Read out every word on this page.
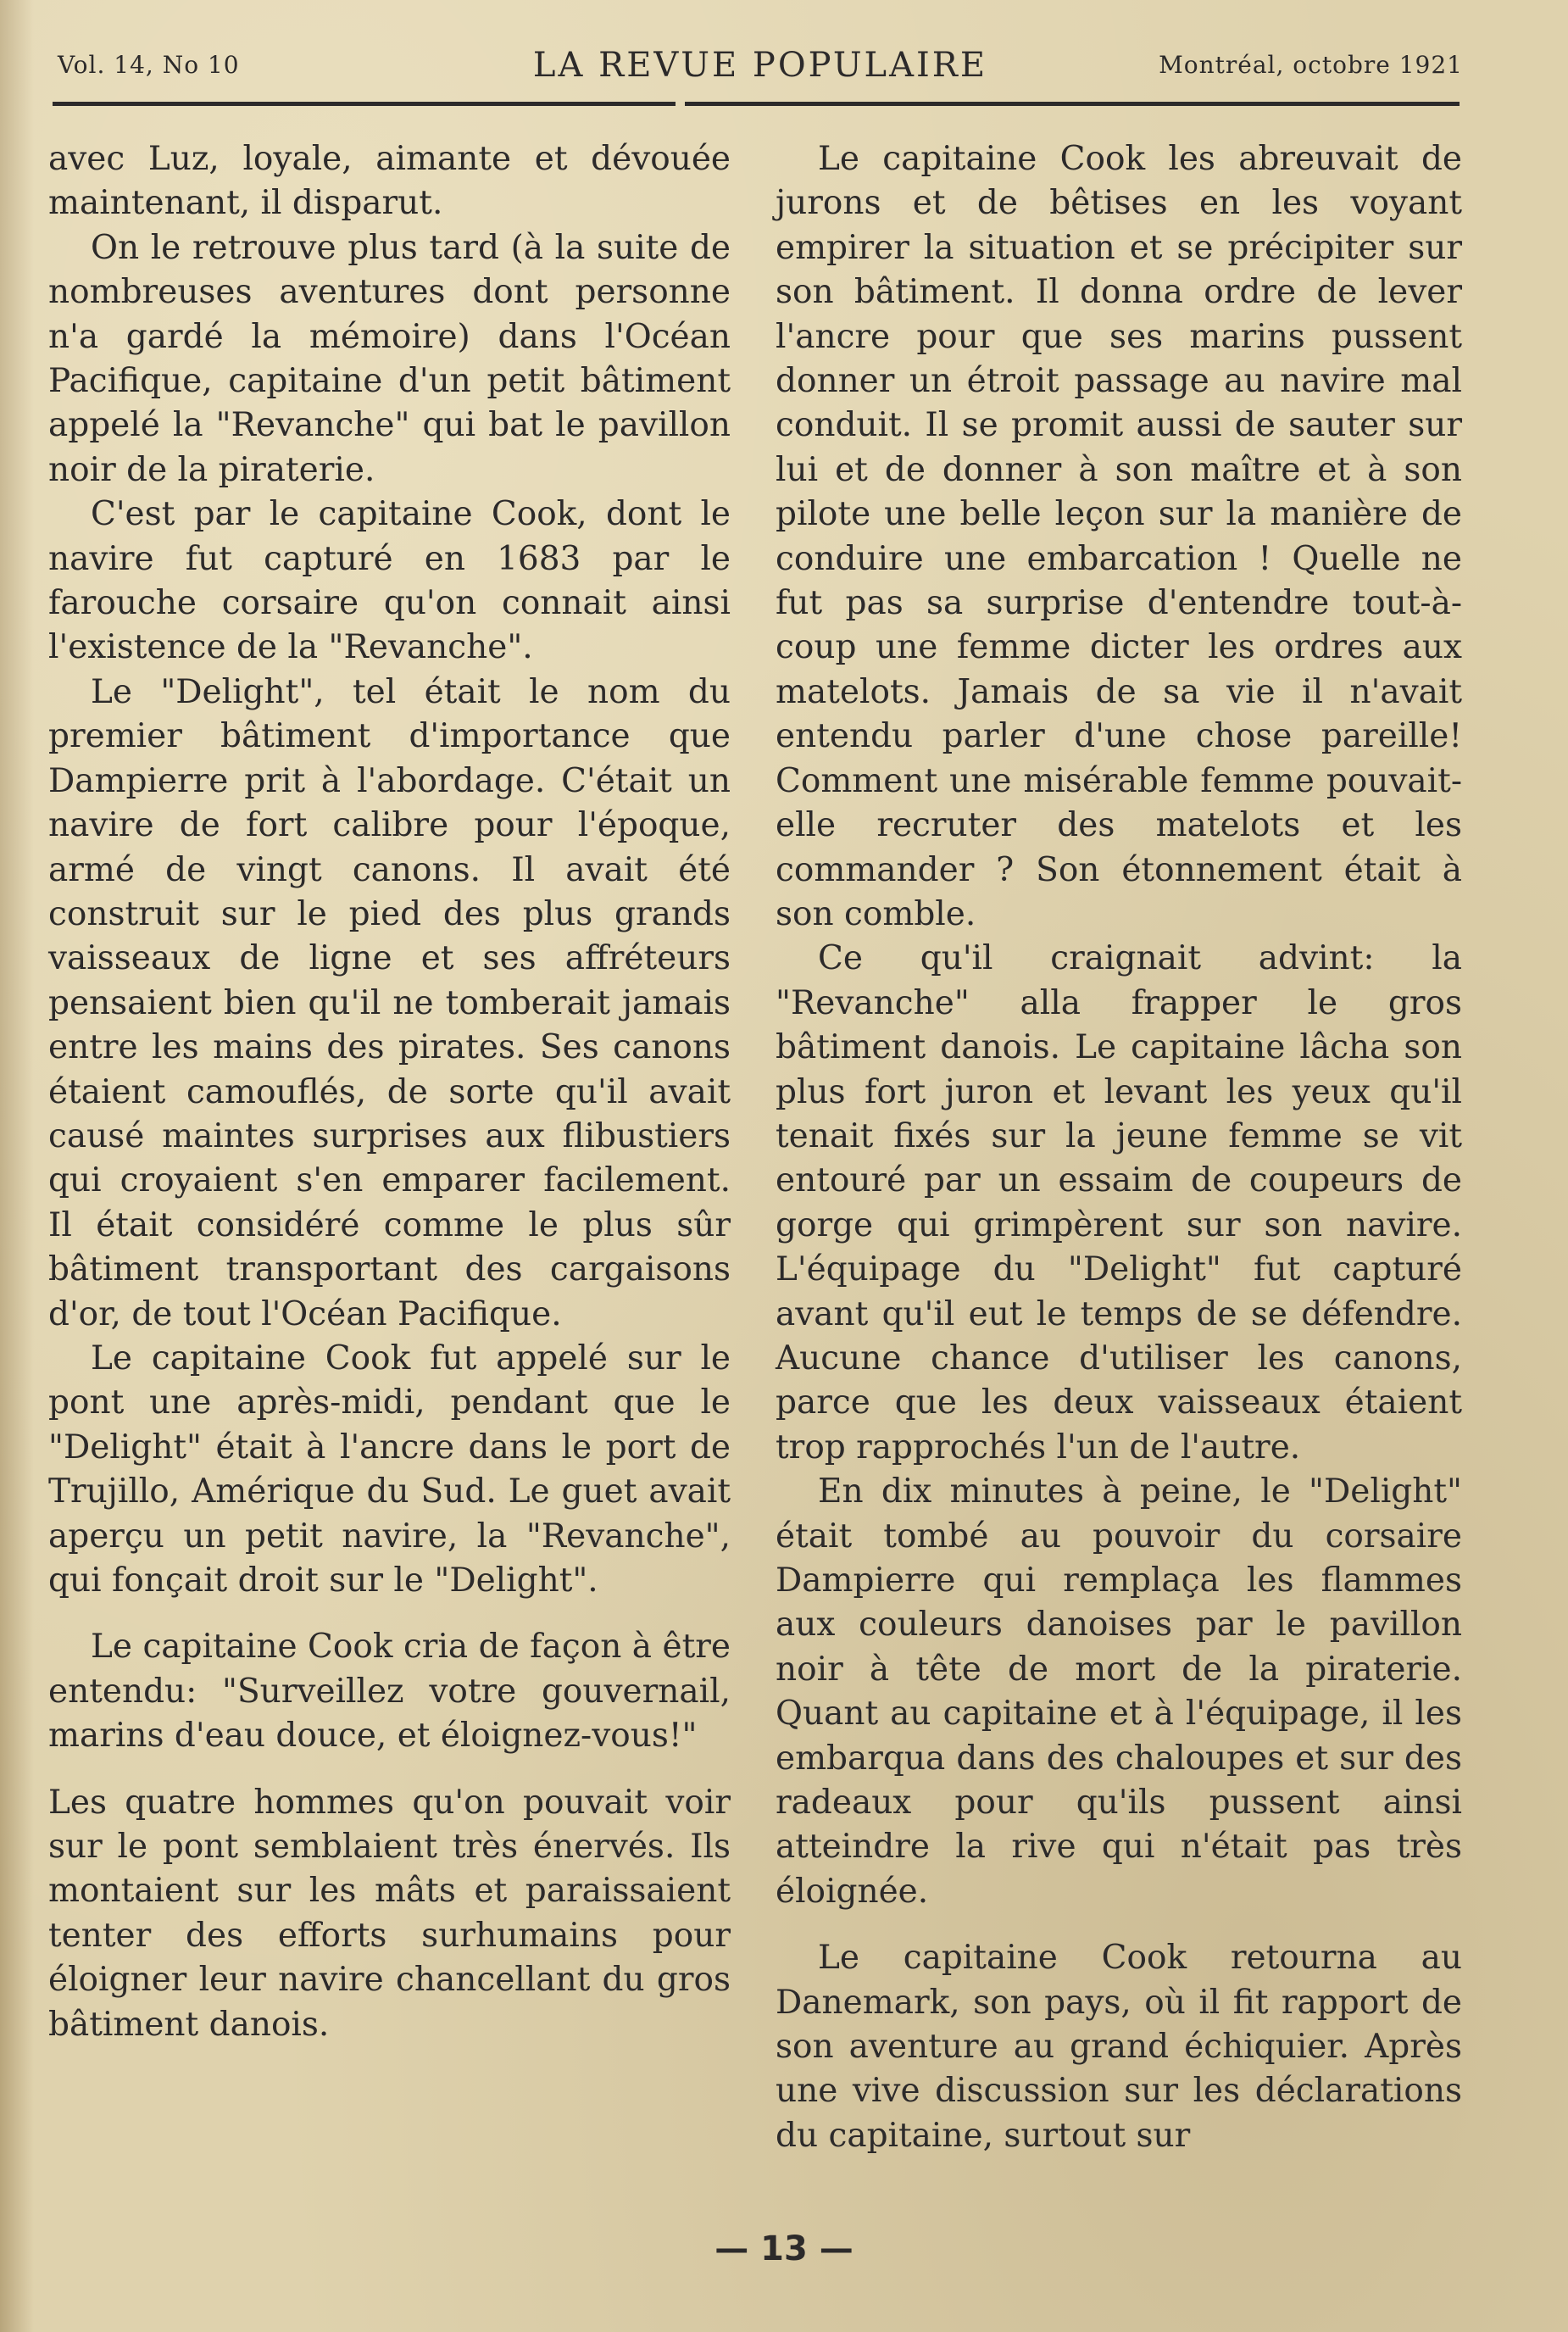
Vol. 14, No 10	LA REVUE POPULAIRE	Montréal, octobre 1921

avec Luz, loyale, aimante et dévouée maintenant, il disparut.

On le retrouve plus tard (à la suite de nombreuses aventures dont personne n'a gardé la mémoire) dans l'Océan Pacifique, capitaine d'un petit bâtiment appelé la "Revanche" qui bat le pavillon noir de la piraterie.

C'est par le capitaine Cook, dont le navire fut capturé en 1683 par le farouche corsaire qu'on connait ainsi l'existence de la "Revanche".

Le "Delight", tel était le nom du premier bâtiment d'importance que Dampierre prit à l'abordage. C'était un navire de fort calibre pour l'époque, armé de vingt canons. Il avait été construit sur le pied des plus grands vaisseaux de ligne et ses affréteurs pensaient bien qu'il ne tomberait jamais entre les mains des pirates. Ses canons étaient camouflés, de sorte qu'il avait causé maintes surprises aux flibustiers qui croyaient s'en emparer facilement. Il était considéré comme le plus sûr bâtiment transportant des cargaisons d'or, de tout l'Océan Pacifique.

Le capitaine Cook fut appelé sur le pont une après-midi, pendant que le "Delight" était à l'ancre dans le port de Trujillo, Amérique du Sud. Le guet avait aperçu un petit navire, la "Revanche", qui fonçait droit sur le "Delight".

Le capitaine Cook cria de façon à être entendu: "Surveillez votre gouvernail, marins d'eau douce, et éloignez-vous!"

Les quatre hommes qu'on pouvait voir sur le pont semblaient très énervés. Ils montaient sur les mâts et paraissaient tenter des efforts surhumains pour éloigner leur navire chancellant du gros bâtiment danois.

Le capitaine Cook les abreuvait de jurons et de bêtises en les voyant empirer la situation et se précipiter sur son bâtiment. Il donna ordre de lever l'ancre pour que ses marins pussent donner un étroit passage au navire mal conduit. Il se promit aussi de sauter sur lui et de donner à son maître et à son pilote une belle leçon sur la manière de conduire une embarcation ! Quelle ne fut pas sa surprise d'entendre tout-à-coup une femme dicter les ordres aux matelots. Jamais de sa vie il n'avait entendu parler d'une chose pareille! Comment une misérable femme pouvait-elle recruter des matelots et les commander ? Son étonnement était à son comble.

Ce qu'il craignait advint: la "Revanche" alla frapper le gros bâtiment danois. Le capitaine lâcha son plus fort juron et levant les yeux qu'il tenait fixés sur la jeune femme se vit entouré par un essaim de coupeurs de gorge qui grimpèrent sur son navire. L'équipage du "Delight" fut capturé avant qu'il eut le temps de se défendre. Aucune chance d'utiliser les canons, parce que les deux vaisseaux étaient trop rapprochés l'un de l'autre.

En dix minutes à peine, le "Delight" était tombé au pouvoir du corsaire Dampierre qui remplaça les flammes aux couleurs danoises par le pavillon noir à tête de mort de la piraterie. Quant au capitaine et à l'équipage, il les embarqua dans des chaloupes et sur des radeaux pour qu'ils pussent ainsi atteindre la rive qui n'était pas très éloignée.

Le capitaine Cook retourna au Danemark, son pays, où il fit rapport de son aventure au grand échiquier. Après une vive discussion sur les déclarations du capitaine, surtout sur

— 13 —
